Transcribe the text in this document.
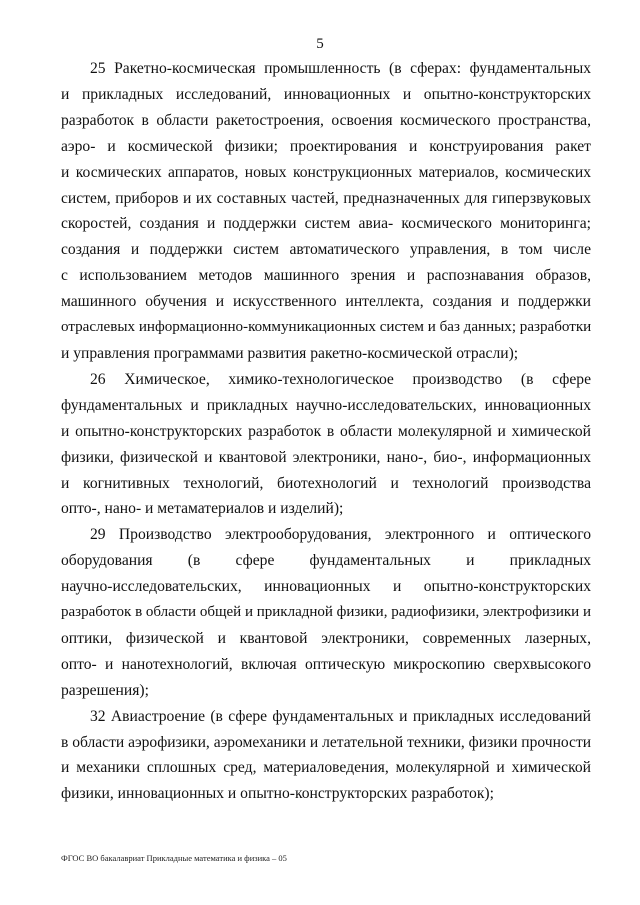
5

25 Ракетно-космическая промышленность (в сферах: фундаментальных
и прикладных исследований, инновационных и опытно-конструкторских
разработок в области ракетостроения, освоения космического пространства,
аэро- и космической физики; проектирования и конструирования ракет
и космических аппаратов, новых конструкционных материалов, космических
систем, приборов и их составных частей, предназначенных для гиперзвуковых
скоростей, создания и поддержки систем авиа- космического мониторинга;
создания и поддержки систем автоматического управления, в том числе
с использованием методов машинного зрения и распознавания образов,
машинного обучения и искусственного интеллекта, создания и поддержки
отраслевых информационно-коммуникационных систем и баз данных; разработки
и управления программами развития ракетно-космической отрасли);

26 Химическое, химико-технологическое производство (в сфере
фундаментальных и прикладных научно-исследовательских, инновационных
и опытно-конструкторских разработок в области молекулярной и химической
физики, физической и квантовой электроники, нано-, био-, информационных
и когнитивных технологий, биотехнологий и технологий производства
опто-, нано- и метаматериалов и изделий);

29 Производство электрооборудования, электронного и оптического
оборудования (в сфере фундаментальных и прикладных
научно-исследовательских, инновационных и опытно-конструкторских
разработок в области общей и прикладной физики, радиофизики, электрофизики и
оптики, физической и квантовой электроники, современных лазерных,
опто- и нанотехнологий, включая оптическую микроскопию сверхвысокого
разрешения);

32 Авиастроение (в сфере фундаментальных и прикладных исследований
в области аэрофизики, аэромеханики и летательной техники, физики прочности
и механики сплошных сред, материаловедения, молекулярной и химической
физики, инновационных и опытно-конструкторских разработок);

ФГОС ВО бакалавриат Прикладные математика и физика – 05
